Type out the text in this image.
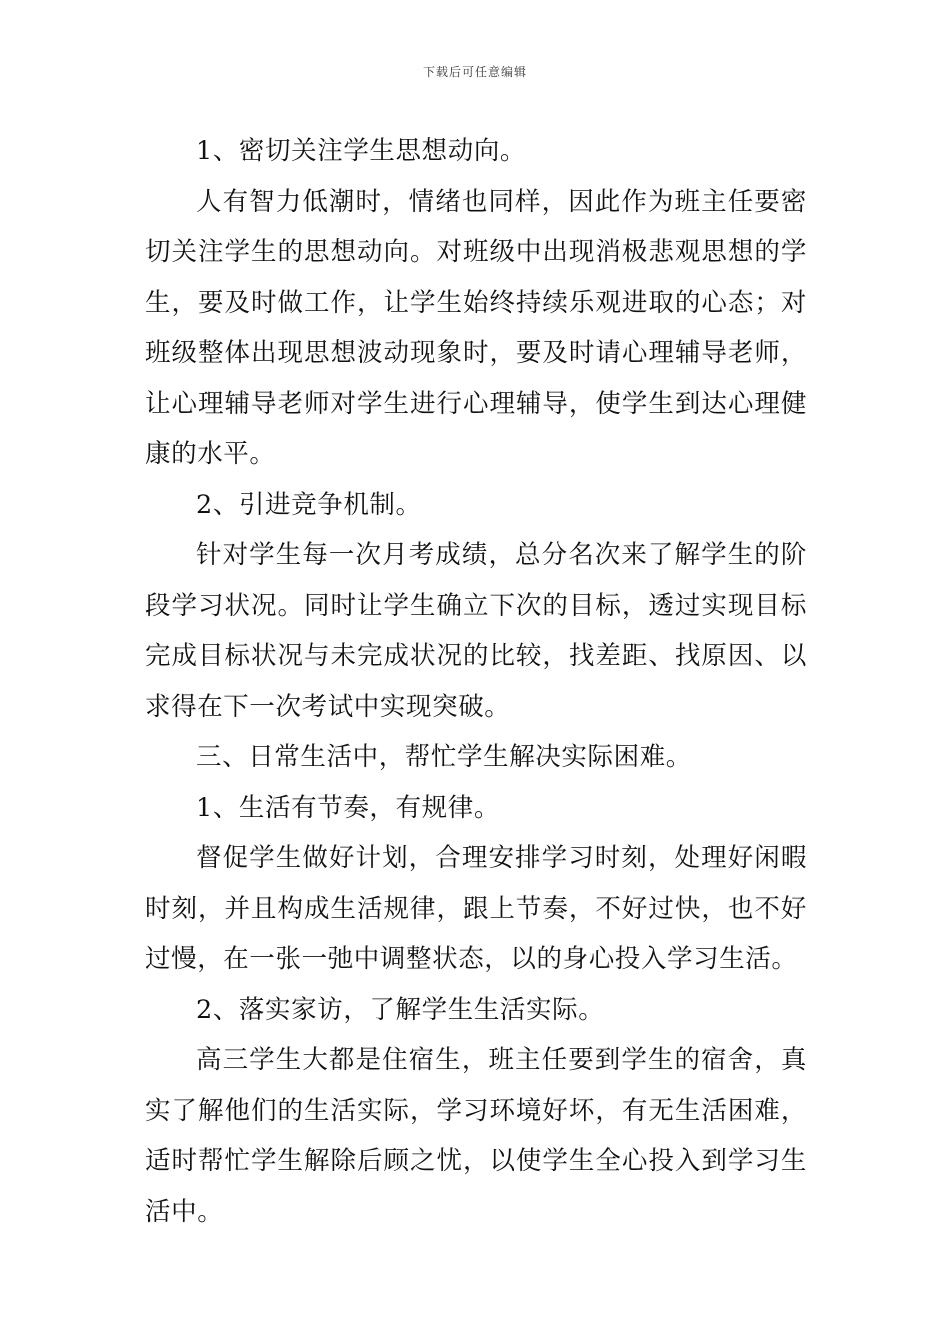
下载后可任意编辑

1、密切关注学生思想动向。

人有智力低潮时，情绪也同样，因此作为班主任要密切关注学生的思想动向。对班级中出现消极悲观思想的学生，要及时做工作，让学生始终持续乐观进取的心态；对班级整体出现思想波动现象时，要及时请心理辅导老师，让心理辅导老师对学生进行心理辅导，使学生到达心理健康的水平。

2、引进竞争机制。

针对学生每一次月考成绩，总分名次来了解学生的阶段学习状况。同时让学生确立下次的目标，透过实现目标完成目标状况与未完成状况的比较，找差距、找原因、以求得在下一次考试中实现突破。

三、日常生活中，帮忙学生解决实际困难。

1、生活有节奏，有规律。

督促学生做好计划，合理安排学习时刻，处理好闲暇时刻，并且构成生活规律，跟上节奏，不好过快，也不好过慢，在一张一弛中调整状态，以的身心投入学习生活。

2、落实家访，了解学生生活实际。

高三学生大都是住宿生，班主任要到学生的宿舍，真实了解他们的生活实际，学习环境好坏，有无生活困难，适时帮忙学生解除后顾之忧，以使学生全心投入到学习生活中。
